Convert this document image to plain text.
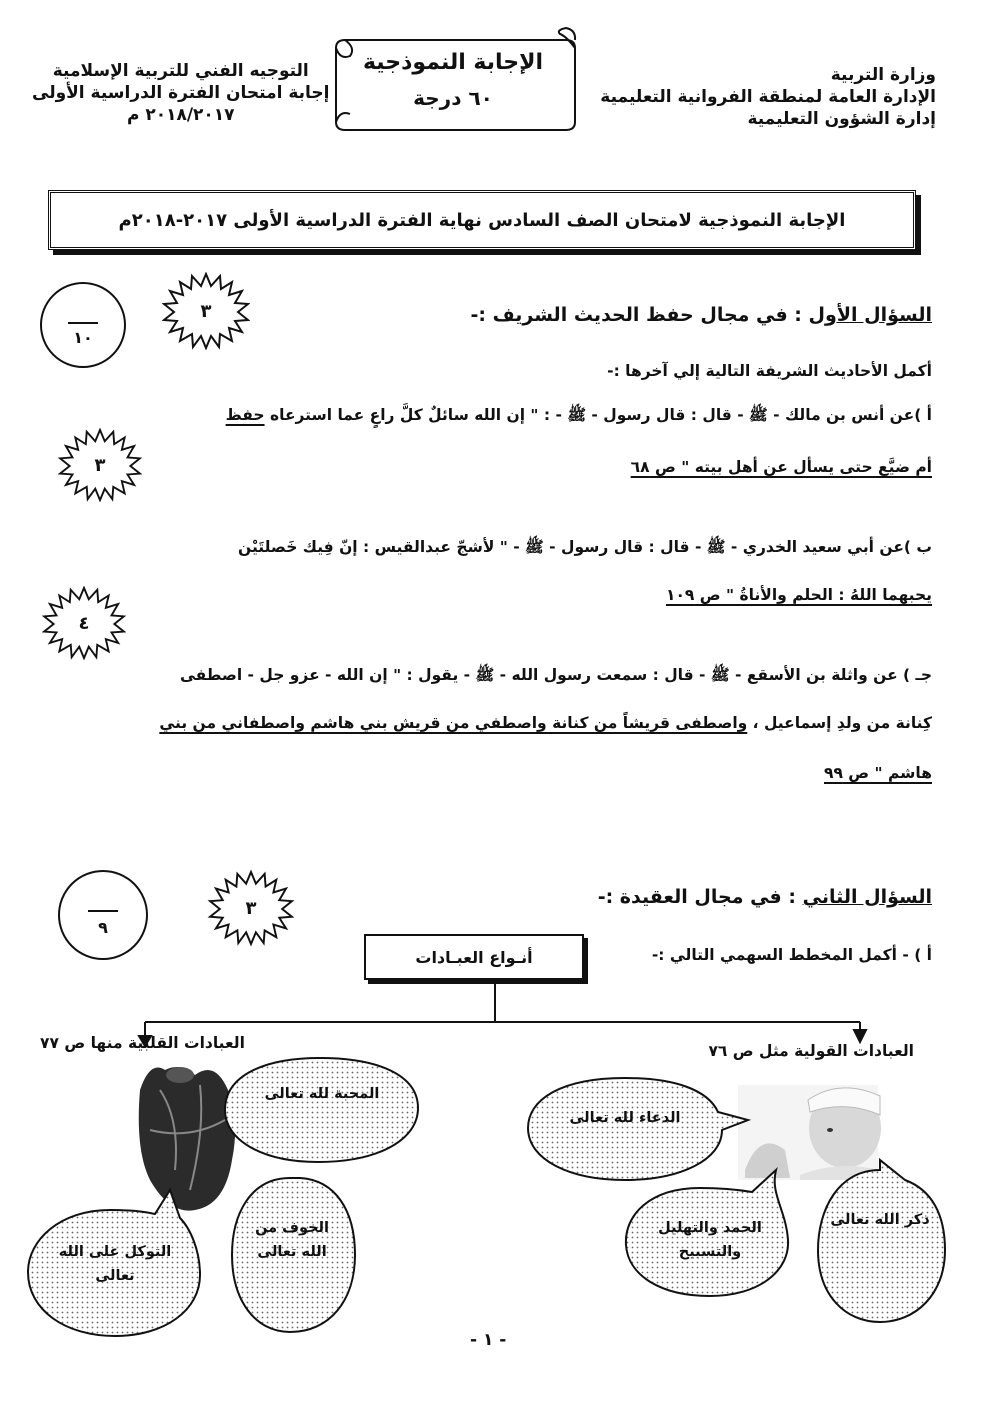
وزارة التربية
الإدارة العامة لمنطقة الفروانية التعليمية
إدارة الشؤون التعليمية
الإجابة النموذجية
٦٠ درجة
التوجيه الفني للتربية الإسلامية
إجابة امتحان الفترة الدراسية الأولى
٢٠١٨/٢٠١٧ م
الإجابة النموذجية لامتحان الصف السادس نهاية الفترة الدراسية الأولى ٢٠١٧-٢٠١٨م
١٠
٣	السؤال الأول : في مجال حفظ الحديث الشريف :-
أكمل الأحاديث الشريفة التالية إلي آخرها :-
أ )عن أنس بن مالك - ﷺ - قال : قال رسول - ﷺ - : " إن الله سائلٌ كلَّ راعٍ عما استرعاه حفظ
٣	أم ضيَّع حتى يسأل عن أهل بيته " ص ٦٨
ب )عن أبي سعيد الخدري - ﷺ - قال : قال رسول - ﷺ - " لأشجّ عبدالقيس : إنّ فِيك خَصلتَيْن
٤
يحبهما اللهُ : الحلم والأناةُ " ص ١٠٩
جـ ) عن واثلة بن الأسقع - ﷺ - قال : سمعت رسول الله - ﷺ - يقول : " إن الله - عزو جل - اصطفى
كِنانة من ولدِ إسماعيل ، واصطفى قريشاً من كنانة واصطفي من قريش بني هاشم واصطفاني من بني
هاشم " ص ٩٩
٩
٣	السؤال الثاني : في مجال العقيدة :-
أ ) - أكمل المخطط السهمي التالي :-
أنـواع العبـادات
العبادات القولية مثل ص ٧٦
العبادات القلبية منها ص ٧٧
الدعاء لله تعالى
الحمد والتهليل والتسبيح
ذكر الله تعالى
المحبة لله تعالى
الخوف من الله تعالى
التوكل على الله تعالى
- ١ -
